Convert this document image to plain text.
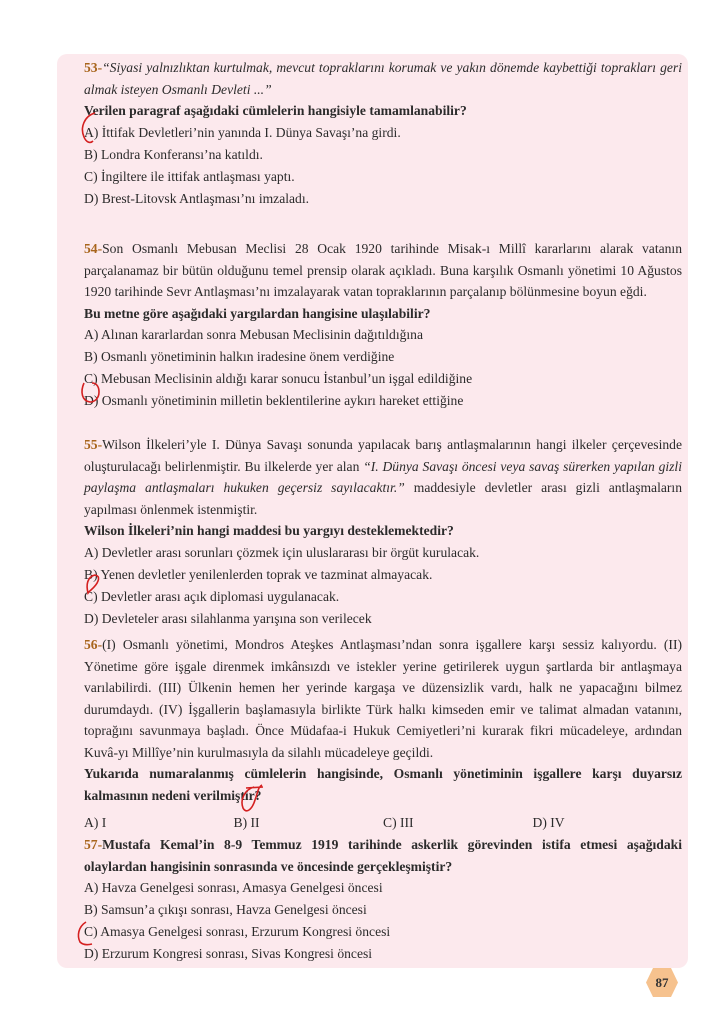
53-“Siyasi yalnızlıktan kurtulmak, mevcut topraklarını korumak ve yakın dönemde kaybettiği toprakları geri almak isteyen Osmanlı Devleti ...”

Verilen paragraf aşağıdaki cümlelerin hangisiyle tamamlanabilir?

A) İttifak Devletleri’nin yanında I. Dünya Savaşı’na girdi.

B) Londra Konferansı’na katıldı.

C) İngiltere ile ittifak antlaşması yaptı.

D) Brest-Litovsk Antlaşması’nı imzaladı.

54-Son Osmanlı Mebusan Meclisi 28 Ocak 1920 tarihinde Misak-ı Millî kararlarını alarak vatanın parçalanamaz bir bütün olduğunu temel prensip olarak açıkladı. Buna karşılık Osmanlı yönetimi 10 Ağustos 1920 tarihinde Sevr Antlaşması’nı imzalayarak vatan topraklarının parçalanıp bölünmesine boyun eğdi.

Bu metne göre aşağıdaki yargılardan hangisine ulaşılabilir?

A) Alınan kararlardan sonra Mebusan Meclisinin dağıtıldığına

B) Osmanlı yönetiminin halkın iradesine önem verdiğine

C) Mebusan Meclisinin aldığı karar sonucu İstanbul’un işgal edildiğine

D) Osmanlı yönetiminin milletin beklentilerine aykırı hareket ettiğine

55-Wilson İlkeleri’yle I. Dünya Savaşı sonunda yapılacak barış antlaşmalarının hangi ilkeler çerçevesinde oluşturulacağı belirlenmiştir. Bu ilkelerde yer alan “I. Dünya Savaşı öncesi veya savaş sürerken yapılan gizli paylaşma antlaşmaları hukuken geçersiz sayılacaktır.” maddesiyle devletler arası gizli antlaşmaların yapılması önlenmek istenmiştir.

Wilson İlkeleri’nin hangi maddesi bu yargıyı desteklemektedir?

A) Devletler arası sorunları çözmek için uluslararası bir örgüt kurulacak.

B) Yenen devletler yenilenlerden toprak ve tazminat almayacak.

C) Devletler arası açık diplomasi uygulanacak.

D) Devleteler arası silahlanma yarışına son verilecek

56-(I) Osmanlı yönetimi, Mondros Ateşkes Antlaşması’ndan sonra işgallere karşı sessiz kalıyordu. (II) Yönetime göre işgale direnmek imkânsızdı ve istekler yerine getirilerek uygun şartlarda bir antlaşmaya varılabilirdi. (III) Ülkenin hemen her yerinde kargaşa ve düzensizlik vardı, halk ne yapacağını bilmez durumdaydı. (IV) İşgallerin başlamasıyla birlikte Türk halkı kimseden emir ve talimat almadan vatanını, toprağını savunmaya başladı. Önce Müdafaa-i Hukuk Cemiyetleri’ni kurarak fikri mücadeleye, ardından Kuvâ-yı Millîye’nin kurulmasıyla da silahlı mücadeleye geçildi.

Yukarıda numaralanmış cümlelerin hangisinde, Osmanlı yönetiminin işgallere karşı duyarsız kalmasının nedeni verilmiştir?

A) I	B) II	C) III	D) IV

57-Mustafa Kemal’in 8-9 Temmuz 1919 tarihinde askerlik görevinden istifa etmesi aşağıdaki olaylardan hangisinin sonrasında ve öncesinde gerçekleşmiştir?

A) Havza Genelgesi sonrası, Amasya Genelgesi öncesi

B) Samsun’a çıkışı sonrası, Havza Genelgesi öncesi

C) Amasya Genelgesi sonrası, Erzurum Kongresi öncesi

D) Erzurum Kongresi sonrası, Sivas Kongresi öncesi

87
